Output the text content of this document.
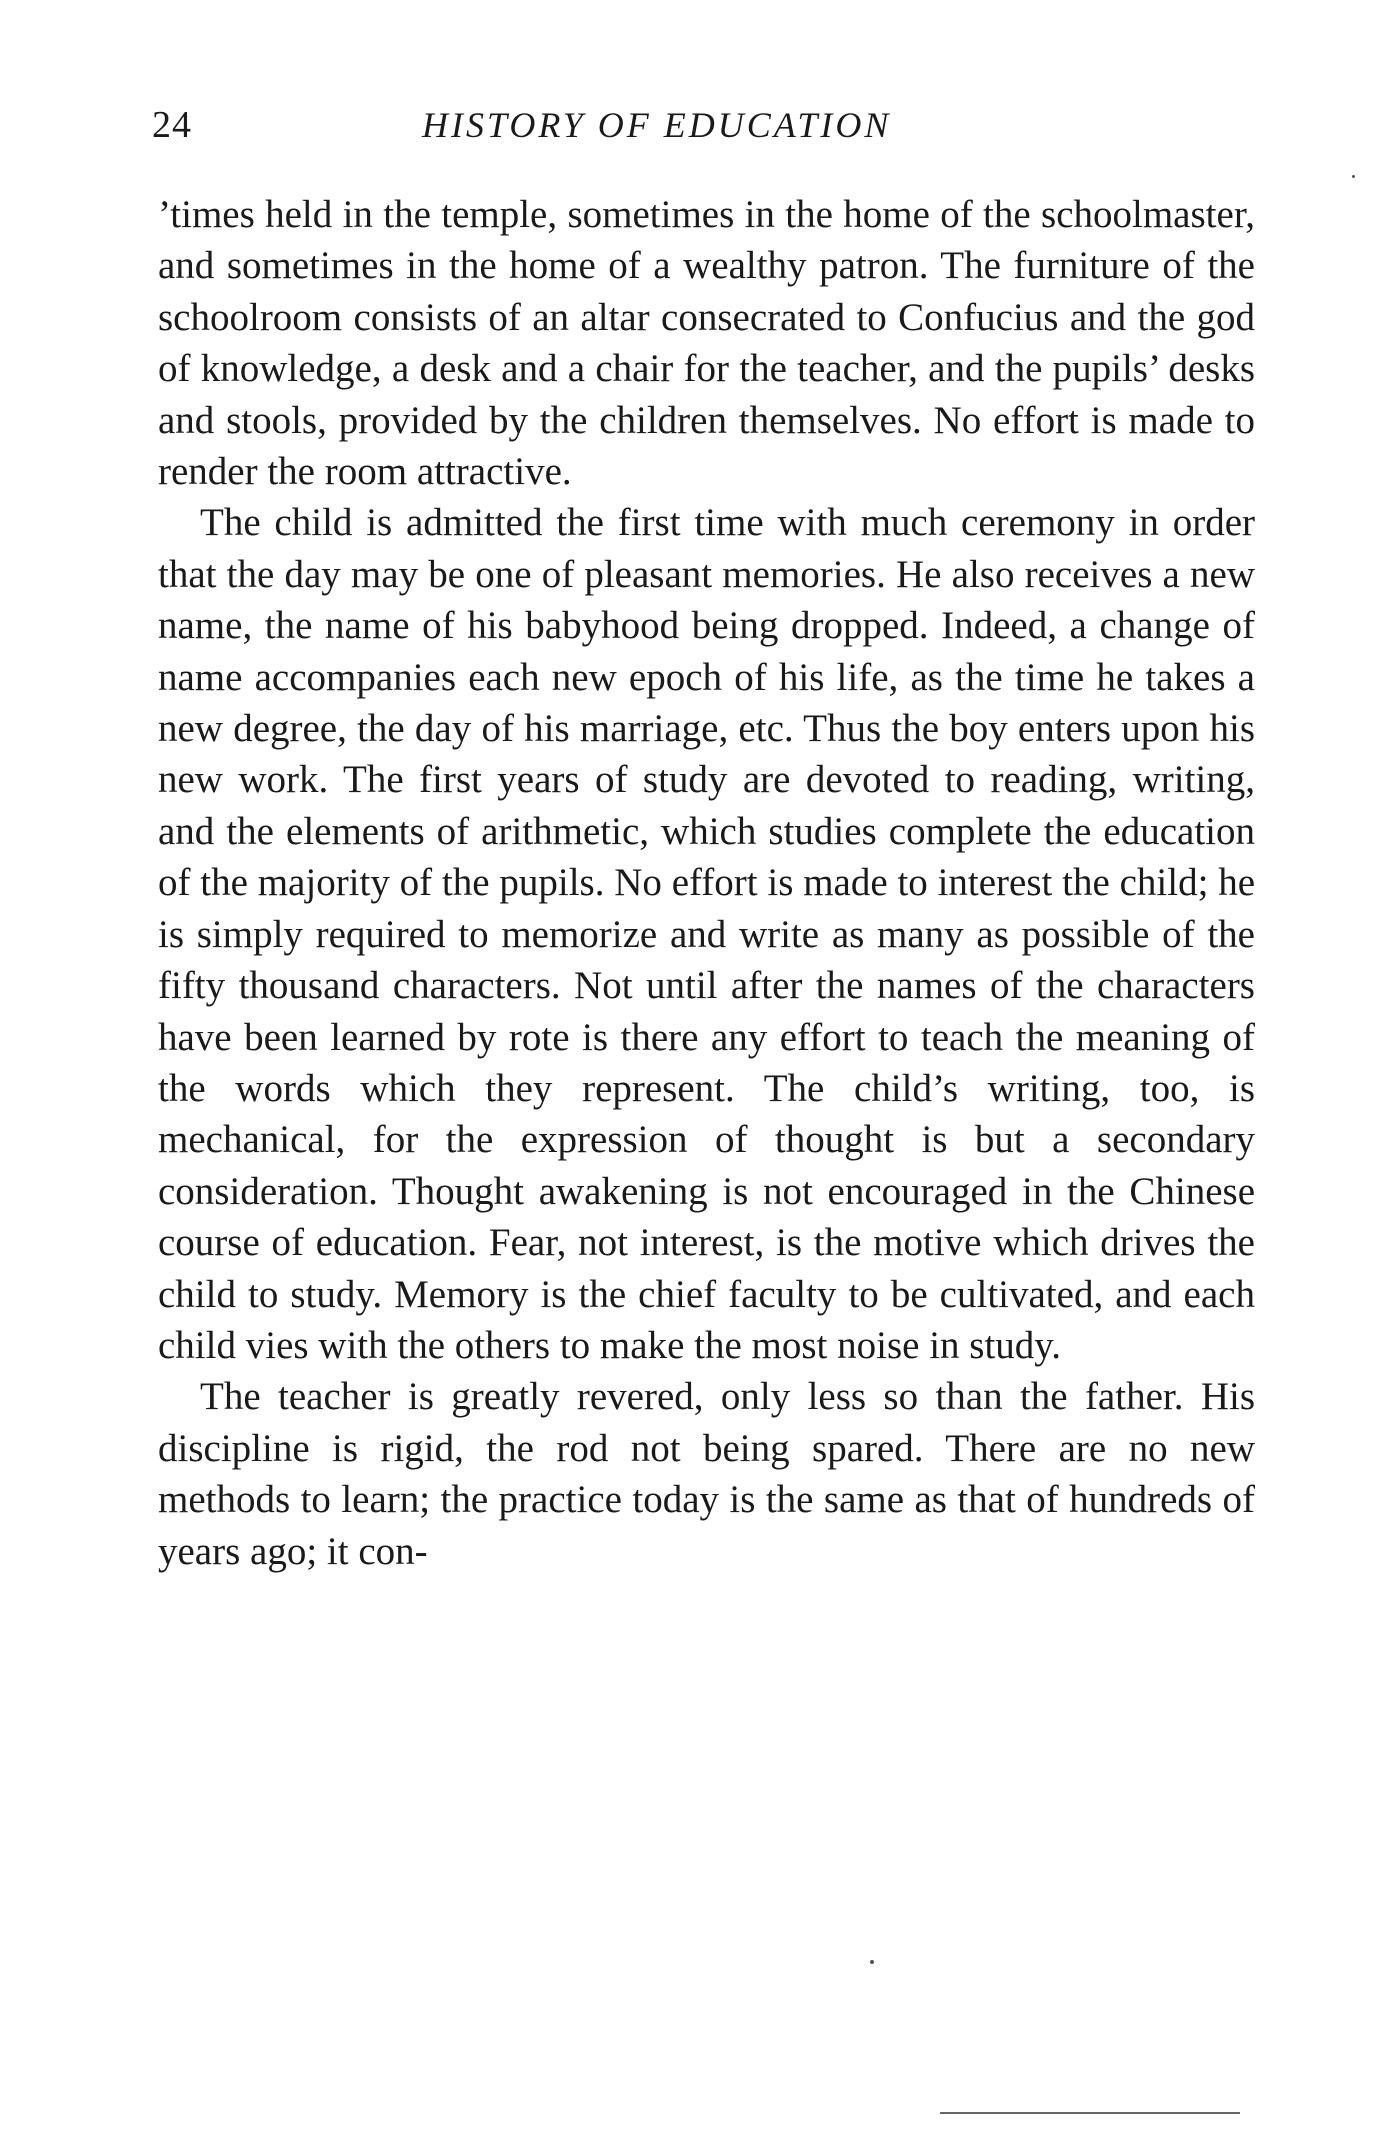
24	HISTORY OF EDUCATION

’times held in the temple, sometimes in the home of the schoolmaster, and sometimes in the home of a wealthy patron. The furniture of the schoolroom consists of an altar consecrated to Confucius and the god of knowledge, a desk and a chair for the teacher, and the pupils’ desks and stools, provided by the children themselves. No effort is made to render the room attractive.

The child is admitted the first time with much ceremony in order that the day may be one of pleasant memories. He also receives a new name, the name of his babyhood being dropped. Indeed, a change of name accompanies each new epoch of his life, as the time he takes a new degree, the day of his marriage, etc. Thus the boy enters upon his new work. The first years of study are devoted to reading, writing, and the elements of arithmetic, which studies complete the education of the majority of the pupils. No effort is made to interest the child; he is simply required to memorize and write as many as possible of the fifty thousand characters. Not until after the names of the characters have been learned by rote is there any effort to teach the meaning of the words which they represent. The child’s writing, too, is mechanical, for the expression of thought is but a secondary consideration. Thought awakening is not encouraged in the Chinese course of education. Fear, not interest, is the motive which drives the child to study. Memory is the chief faculty to be cultivated, and each child vies with the others to make the most noise in study.

The teacher is greatly revered, only less so than the father. His discipline is rigid, the rod not being spared. There are no new methods to learn; the practice today is the same as that of hundreds of years ago; it con-
